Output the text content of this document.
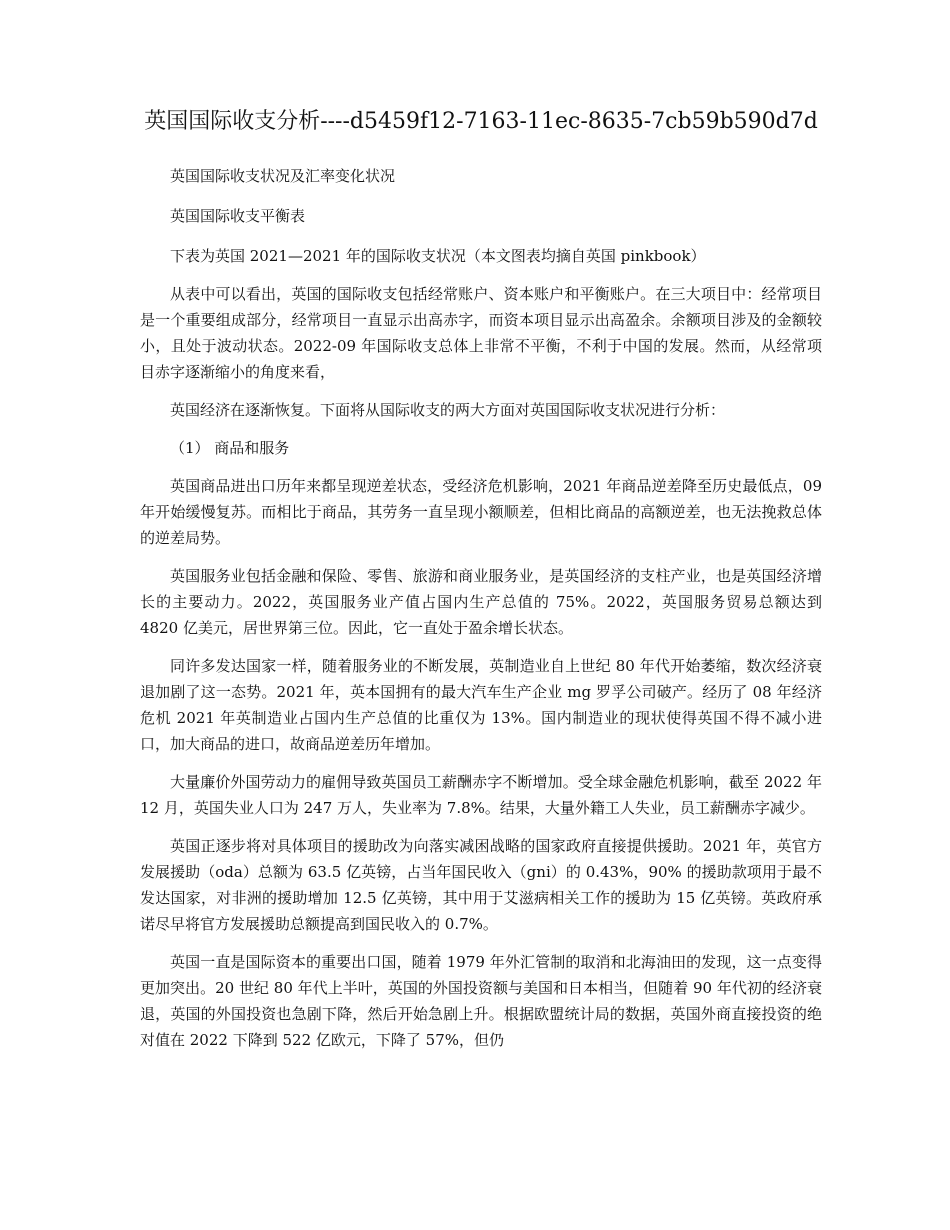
英国国际收支分析----d5459f12-7163-11ec-8635-7cb59b590d7d

英国国际收支状况及汇率变化状况

英国国际收支平衡表

下表为英国 2021—2021 年的国际收支状况（本文图表均摘自英国 pinkbook）

从表中可以看出，英国的国际收支包括经常账户、资本账户和平衡账户。在三大项目中：经常项目是一个重要组成部分，经常项目一直显示出高赤字，而资本项目显示出高盈余。余额项目涉及的金额较小，且处于波动状态。2022-09 年国际收支总体上非常不平衡，不利于中国的发展。然而，从经常项目赤字逐渐缩小的角度来看，

英国经济在逐渐恢复。下面将从国际收支的两大方面对英国国际收支状况进行分析：

（1） 商品和服务

英国商品进出口历年来都呈现逆差状态，受经济危机影响，2021 年商品逆差降至历史最低点，09 年开始缓慢复苏。而相比于商品，其劳务一直呈现小额顺差，但相比商品的高额逆差，也无法挽救总体的逆差局势。

英国服务业包括金融和保险、零售、旅游和商业服务业，是英国经济的支柱产业，也是英国经济增长的主要动力。2022，英国服务业产值占国内生产总值的 75%。2022，英国服务贸易总额达到 4820 亿美元，居世界第三位。因此，它一直处于盈余增长状态。

同许多发达国家一样，随着服务业的不断发展，英制造业自上世纪 80 年代开始萎缩，数次经济衰退加剧了这一态势。2021 年，英本国拥有的最大汽车生产企业 mg 罗孚公司破产。经历了 08 年经济危机 2021 年英制造业占国内生产总值的比重仅为 13%。国内制造业的现状使得英国不得不减小进口，加大商品的进口，故商品逆差历年增加。

大量廉价外国劳动力的雇佣导致英国员工薪酬赤字不断增加。受全球金融危机影响，截至 2022 年 12 月，英国失业人口为 247 万人，失业率为 7.8%。结果，大量外籍工人失业，员工薪酬赤字减少。

英国正逐步将对具体项目的援助改为向落实减困战略的国家政府直接提供援助。2021 年，英官方发展援助（oda）总额为 63.5 亿英镑，占当年国民收入（gni）的 0.43%，90% 的援助款项用于最不发达国家，对非洲的援助增加 12.5 亿英镑，其中用于艾滋病相关工作的援助为 15 亿英镑。英政府承诺尽早将官方发展援助总额提高到国民收入的 0.7%。

英国一直是国际资本的重要出口国，随着 1979 年外汇管制的取消和北海油田的发现，这一点变得更加突出。20 世纪 80 年代上半叶，英国的外国投资额与美国和日本相当，但随着 90 年代初的经济衰退，英国的外国投资也急剧下降，然后开始急剧上升。根据欧盟统计局的数据，英国外商直接投资的绝对值在 2022 下降到 522 亿欧元，下降了 57%，但仍
